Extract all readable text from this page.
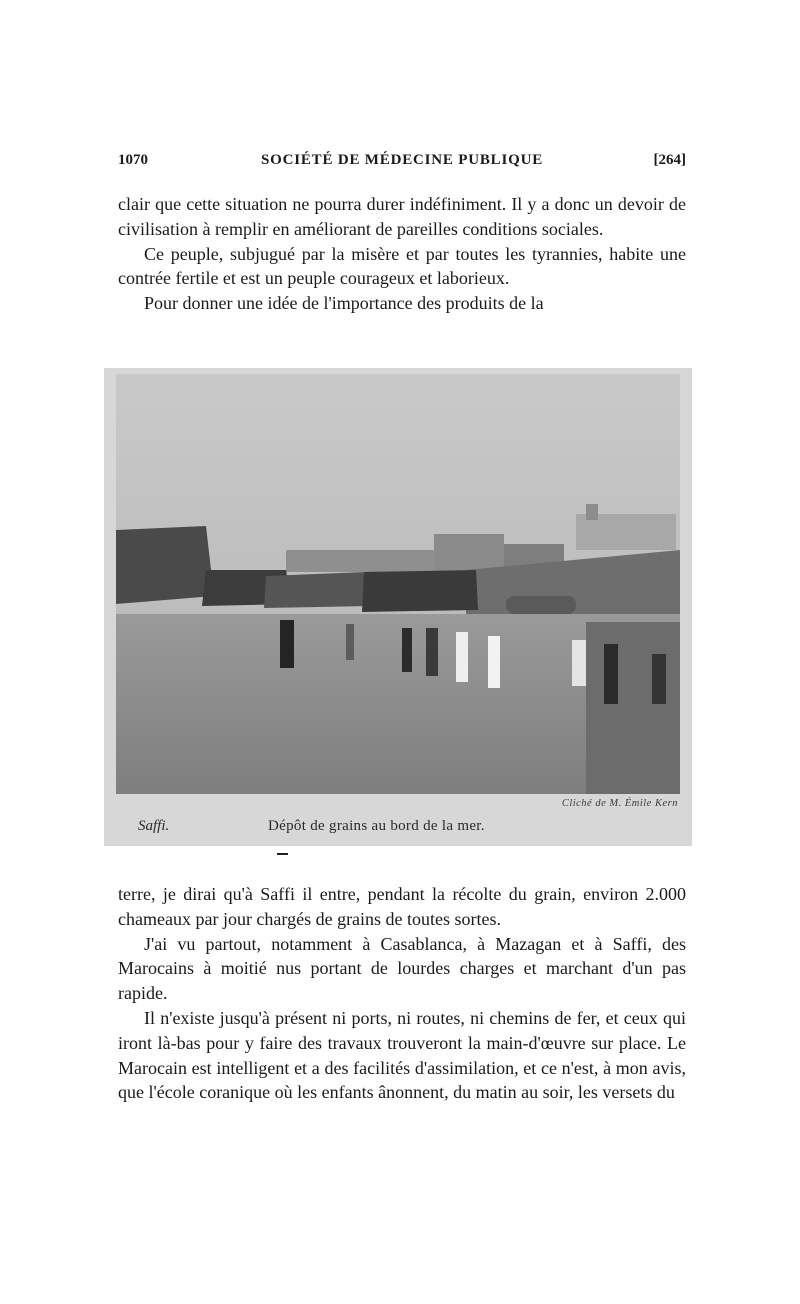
1070	SOCIÉTÉ DE MÉDECINE PUBLIQUE	[264]

clair que cette situation ne pourra durer indéfiniment. Il y a donc un devoir de civilisation à remplir en améliorant de pareilles conditions sociales.

Ce peuple, subjugué par la misère et par toutes les tyrannies, habite une contrée fertile et est un peuple courageux et laborieux.

Pour donner une idée de l'importance des produits de la

Cliché de M. Émile Kern
Saffi.	Dépôt de grains au bord de la mer.

terre, je dirai qu'à Saffi il entre, pendant la récolte du grain, environ 2.000 chameaux par jour chargés de grains de toutes sortes.

J'ai vu partout, notamment à Casablanca, à Mazagan et à Saffi, des Marocains à moitié nus portant de lourdes charges et marchant d'un pas rapide.

Il n'existe jusqu'à présent ni ports, ni routes, ni chemins de fer, et ceux qui iront là-bas pour y faire des travaux trouveront la main-d'œuvre sur place. Le Marocain est intelligent et a des facilités d'assimilation, et ce n'est, à mon avis, que l'école coranique où les enfants ânonnent, du matin au soir, les versets du
